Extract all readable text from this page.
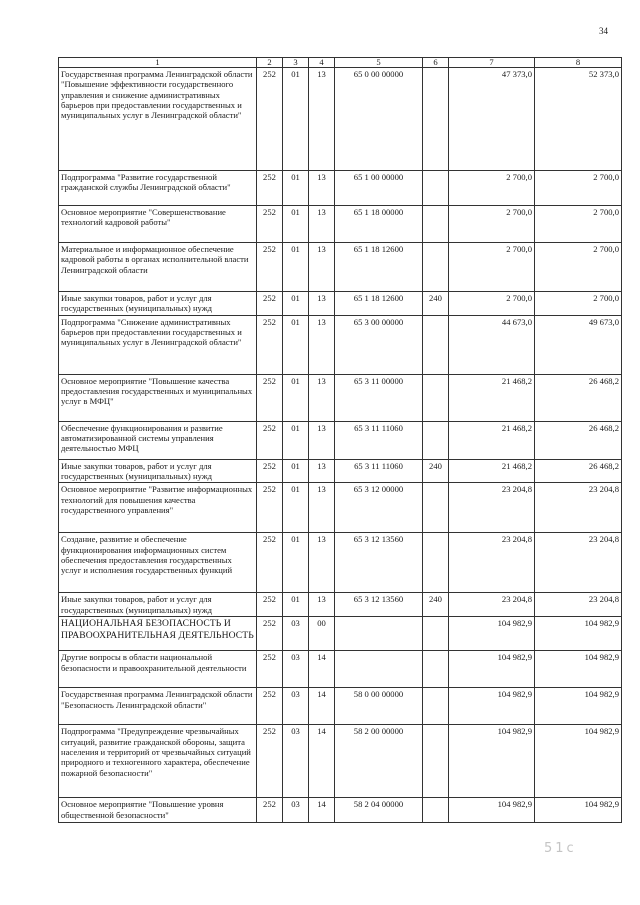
34
1	2	3	4	5	6	7	8
Государственная программа Ленинградской области "Повышение эффективности государственного управления и снижение административных барьеров при предоставлении государственных и муниципальных услуг в Ленинградской области"	252	01	13	65 0 00 00000		47 373,0	52 373,0
Подпрограмма "Развитие государственной гражданской службы Ленинградской области"	252	01	13	65 1 00 00000		2 700,0	2 700,0
Основное мероприятие "Совершенствование технологий кадровой работы"	252	01	13	65 1 18 00000		2 700,0	2 700,0
Материальное и информационное обеспечение кадровой работы в органах исполнительной власти Ленинградской области	252	01	13	65 1 18 12600		2 700,0	2 700,0
Иные закупки товаров, работ и услуг для государственных (муниципальных) нужд	252	01	13	65 1 18 12600	240	2 700,0	2 700,0
Подпрограмма "Снижение административных барьеров при предоставлении государственных и муниципальных услуг в Ленинградской области"	252	01	13	65 3 00 00000		44 673,0	49 673,0
Основное мероприятие "Повышение качества предоставления государственных и муниципальных услуг в МФЦ"	252	01	13	65 3 11 00000		21 468,2	26 468,2
Обеспечение функционирования и развитие автоматизированной системы управления деятельностью МФЦ	252	01	13	65 3 11 11060		21 468,2	26 468,2
Иные закупки товаров, работ и услуг для государственных (муниципальных) нужд	252	01	13	65 3 11 11060	240	21 468,2	26 468,2
Основное мероприятие "Развитие информационных технологий для повышения качества государственного управления"	252	01	13	65 3 12 00000		23 204,8	23 204,8
Создание, развитие и обеспечение функционирования информационных систем обеспечения предоставления государственных услуг и исполнения государственных функций	252	01	13	65 3 12 13560		23 204,8	23 204,8
Иные закупки товаров, работ и услуг для государственных (муниципальных) нужд	252	01	13	65 3 12 13560	240	23 204,8	23 204,8
НАЦИОНАЛЬНАЯ БЕЗОПАСНОСТЬ И ПРАВООХРАНИТЕЛЬНАЯ ДЕЯТЕЛЬНОСТЬ	252	03	00			104 982,9	104 982,9
Другие вопросы в области национальной безопасности и правоохранительной деятельности	252	03	14			104 982,9	104 982,9
Государственная программа Ленинградской области "Безопасность Ленинградской области"	252	03	14	58 0 00 00000		104 982,9	104 982,9
Подпрограмма "Предупреждение чрезвычайных ситуаций, развитие гражданской обороны, защита населения и территорий от чрезвычайных ситуаций природного и техногенного характера, обеспечение пожарной безопасности"	252	03	14	58 2 00 00000		104 982,9	104 982,9
Основное мероприятие "Повышение уровня общественной безопасности"	252	03	14	58 2 04 00000		104 982,9	104 982,9
51с
